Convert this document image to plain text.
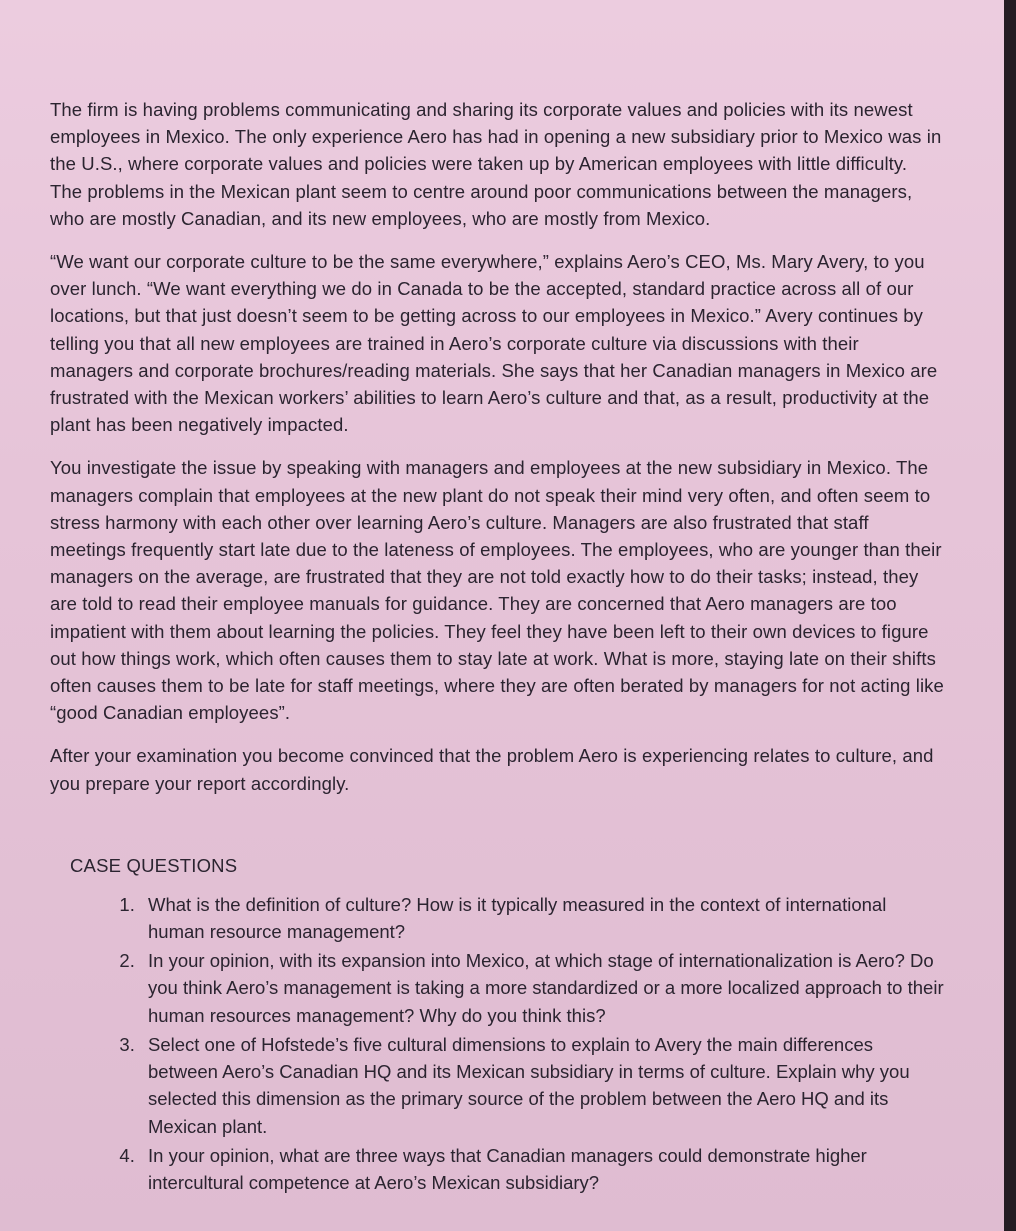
The firm is having problems communicating and sharing its corporate values and policies with its newest employees in Mexico. The only experience Aero has had in opening a new subsidiary prior to Mexico was in the U.S., where corporate values and policies were taken up by American employees with little difficulty. The problems in the Mexican plant seem to centre around poor communications between the managers, who are mostly Canadian, and its new employees, who are mostly from Mexico.

“We want our corporate culture to be the same everywhere,” explains Aero’s CEO, Ms. Mary Avery, to you over lunch. “We want everything we do in Canada to be the accepted, standard practice across all of our locations, but that just doesn’t seem to be getting across to our employees in Mexico.” Avery continues by telling you that all new employees are trained in Aero’s corporate culture via discussions with their managers and corporate brochures/reading materials. She says that her Canadian managers in Mexico are frustrated with the Mexican workers’ abilities to learn Aero’s culture and that, as a result, productivity at the plant has been negatively impacted.

You investigate the issue by speaking with managers and employees at the new subsidiary in Mexico. The managers complain that employees at the new plant do not speak their mind very often, and often seem to stress harmony with each other over learning Aero’s culture. Managers are also frustrated that staff meetings frequently start late due to the lateness of employees. The employees, who are younger than their managers on the average, are frustrated that they are not told exactly how to do their tasks; instead, they are told to read their employee manuals for guidance. They are concerned that Aero managers are too impatient with them about learning the policies. They feel they have been left to their own devices to figure out how things work, which often causes them to stay late at work. What is more, staying late on their shifts often causes them to be late for staff meetings, where they are often berated by managers for not acting like “good Canadian employees”.

After your examination you become convinced that the problem Aero is experiencing relates to culture, and you prepare your report accordingly.

CASE QUESTIONS
1. What is the definition of culture? How is it typically measured in the context of international human resource management?
2. In your opinion, with its expansion into Mexico, at which stage of internationalization is Aero? Do you think Aero’s management is taking a more standardized or a more localized approach to their human resources management? Why do you think this?
3. Select one of Hofstede’s five cultural dimensions to explain to Avery the main differences between Aero’s Canadian HQ and its Mexican subsidiary in terms of culture. Explain why you selected this dimension as the primary source of the problem between the Aero HQ and its Mexican plant.
4. In your opinion, what are three ways that Canadian managers could demonstrate higher intercultural competence at Aero’s Mexican subsidiary?
